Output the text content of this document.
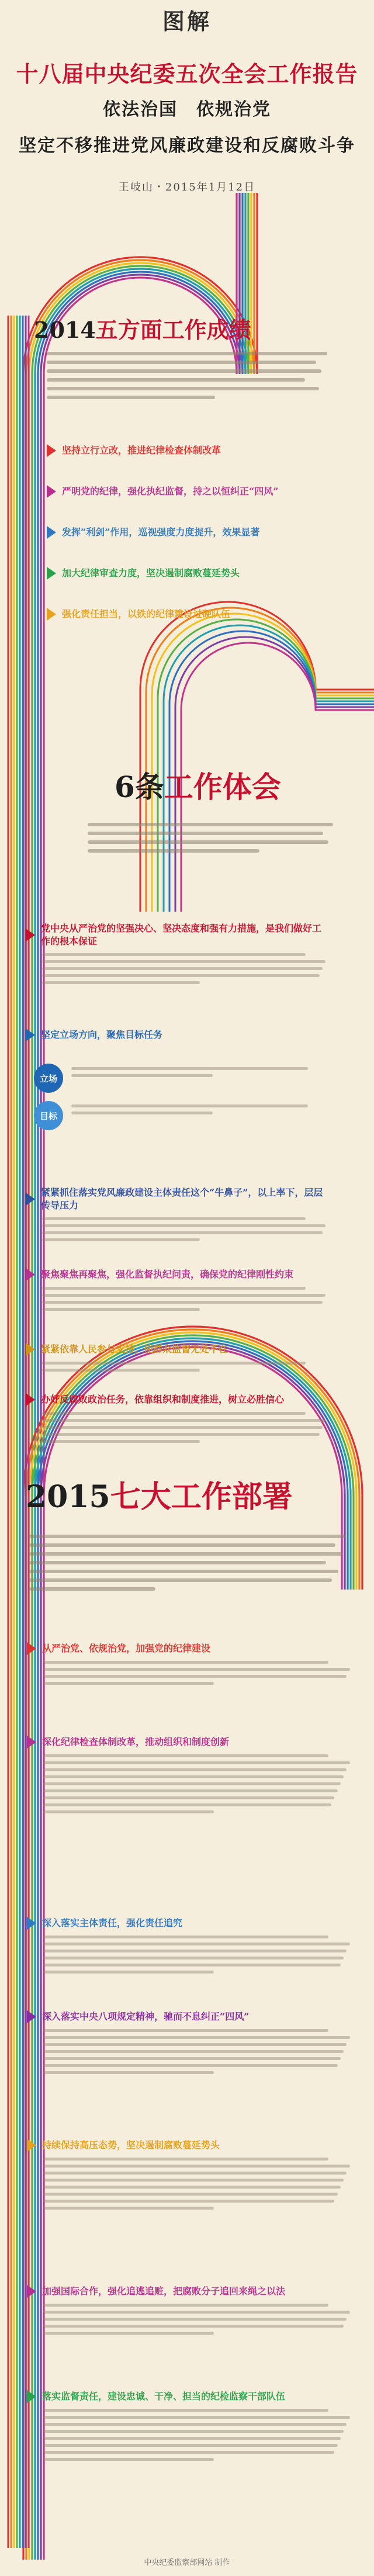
图解
十八届中央纪委五次全会工作报告
依法治国　依规治党
坚定不移推进党风廉政建设和反腐败斗争
王岐山・2015年1月12日
2014五方面工作成绩
坚持立行立改，推进纪律检查体制改革
严明党的纪律，强化执纪监督，持之以恒纠正“四风”
发挥“利剑”作用，巡视强度力度提升，效果显著
加大纪律审查力度，坚决遏制腐败蔓延势头
强化责任担当，以铁的纪律建设过硬队伍
6条工作体会
党中央从严治党的坚强决心、坚决态度和强有力措施，是我们做好工作的根本保证
坚定立场方向，聚焦目标任务
紧紧抓住落实党风廉政建设主体责任这个“牛鼻子”，以上率下，层层传导压力
聚焦聚焦再聚焦，强化监督执纪问责，确保党的纪律刚性约束
紧紧依靠人民参与支持，使群众监督无处不在
办好反腐败政治任务，依靠组织和制度推进，树立必胜信心
立场
目标
2015七大工作部署
从严治党、依规治党，加强党的纪律建设
深化纪律检查体制改革，推动组织和制度创新
深入落实主体责任，强化责任追究
深入落实中央八项规定精神，驰而不息纠正“四风”
持续保持高压态势，坚决遏制腐败蔓延势头
加强国际合作，强化追逃追赃，把腐败分子追回来绳之以法
落实监督责任，建设忠诚、干净、担当的纪检监察干部队伍
中央纪委监察部网站 制作
